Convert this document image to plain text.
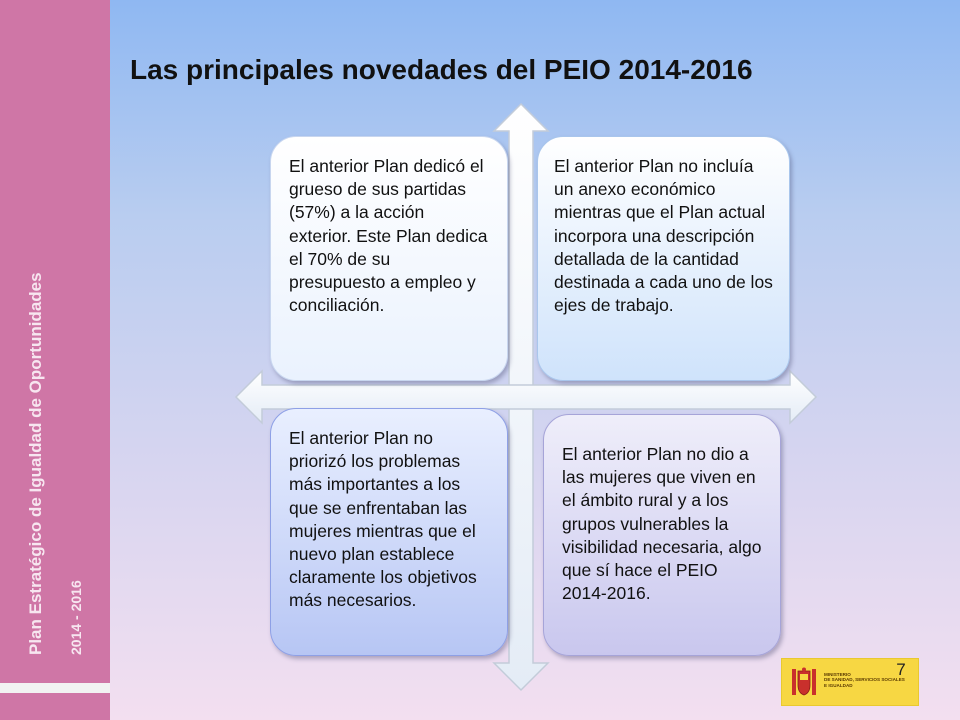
Plan Estratégico de Igualdad de Oportunidades 2014 - 2016
Las principales novedades del PEIO 2014-2016
El anterior Plan dedicó el grueso de sus partidas (57%) a la acción exterior. Este Plan dedica el 70% de su presupuesto a empleo y conciliación.
El anterior Plan no incluía un anexo económico mientras que el Plan actual incorpora una descripción detallada de la cantidad destinada a cada uno de los ejes de trabajo.
El anterior Plan no priorizó los problemas más importantes a los que se enfrentaban las mujeres mientras que el nuevo plan establece claramente los objetivos más necesarios.
El anterior Plan no dio a las mujeres que viven en el ámbito rural y a los grupos vulnerables la visibilidad necesaria, algo que sí hace el PEIO 2014-2016.
MINISTERIO
DE SANIDAD, SERVICIOS SOCIALES
E IGUALDAD
7
